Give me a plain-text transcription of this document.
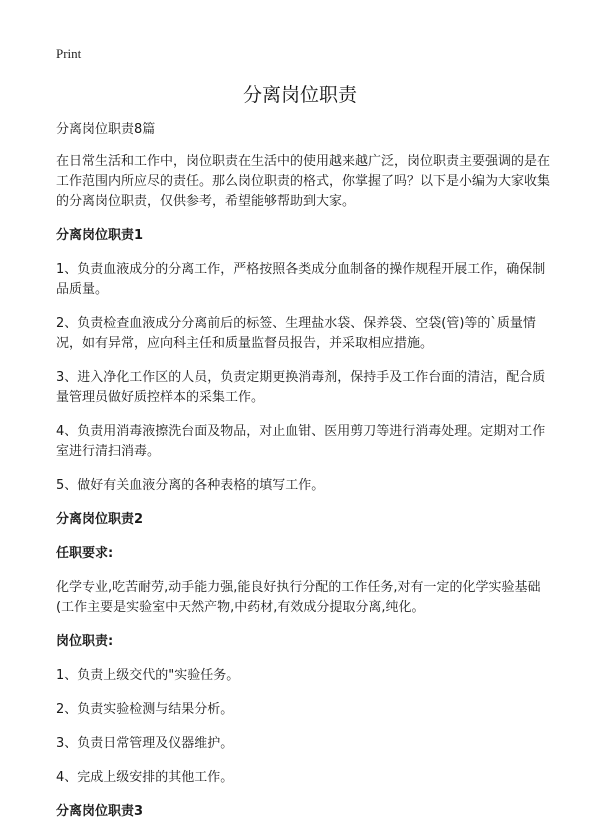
Print
分离岗位职责

分离岗位职责8篇

在日常生活和工作中，岗位职责在生活中的使用越来越广泛，岗位职责主要强调的是在工作范围内所应尽的责任。那么岗位职责的格式，你掌握了吗？以下是小编为大家收集的分离岗位职责，仅供参考，希望能够帮助到大家。

分离岗位职责1

1、负责血液成分的分离工作，严格按照各类成分血制备的操作规程开展工作，确保制品质量。

2、负责检查血液成分分离前后的标签、生理盐水袋、保养袋、空袋(管)等的`质量情况，如有异常，应向科主任和质量监督员报告，并采取相应措施。

3、进入净化工作区的人员，负责定期更换消毒剂，保持手及工作台面的清洁，配合质量管理员做好质控样本的采集工作。

4、负责用消毒液擦洗台面及物品，对止血钳、医用剪刀等进行消毒处理。定期对工作室进行清扫消毒。

5、做好有关血液分离的各种表格的填写工作。

分离岗位职责2

任职要求:

化学专业,吃苦耐劳,动手能力强,能良好执行分配的工作任务,对有一定的化学实验基础(工作主要是实验室中天然产物,中药材,有效成分提取分离,纯化。

岗位职责:

1、负责上级交代的"实验任务。

2、负责实验检测与结果分析。

3、负责日常管理及仪器维护。

4、完成上级安排的其他工作。

分离岗位职责3
